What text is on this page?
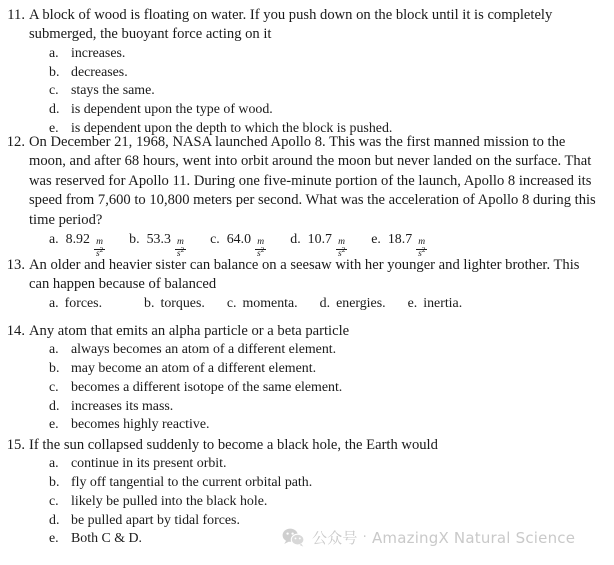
11. A block of wood is floating on water. If you push down on the block until it is completely submerged, the buoyant force acting on it
a. increases.
b. decreases.
c. stays the same.
d. is dependent upon the type of wood.
e. is dependent upon the depth to which the block is pushed.
12. On December 21, 1968, NASA launched Apollo 8. This was the first manned mission to the moon, and after 68 hours, went into orbit around the moon but never landed on the surface. That was reserved for Apollo 11. During one five-minute portion of the launch, Apollo 8 increased its speed from 7,600 to 10,800 meters per second. What was the acceleration of Apollo 8 during this time period?
a. $8.92 \frac{m}{s^2} b$. $53.3 \frac{m}{s^2} c$. $64.0 \frac{m}{s^2} d$. $10.7 \frac{m}{s^2} e$. $18.7 \frac{m}{s^2}$
13. An older and heavier sister can balance on a seesaw with her younger and lighter brother. This can happen because of balanced
a. forces.	b. torques. c. momenta. d. energies. e. inertia.
14. Any atom that emits an alpha particle or a beta particle
a. always becomes an atom of a different element.
b. may become an atom of a different element.
c. becomes a different isotope of the same element.
d. increases its mass.
e. becomes highly reactive.
15. If the sun collapsed suddenly to become a black hole, the Earth would
a. continue in its present orbit.
b. fly off tangential to the current orbital path.
c. likely be pulled into the black hole.
d. be pulled apart by tidal forces.
e. Both C & D.	公众号 · AmazingX Natural Science
